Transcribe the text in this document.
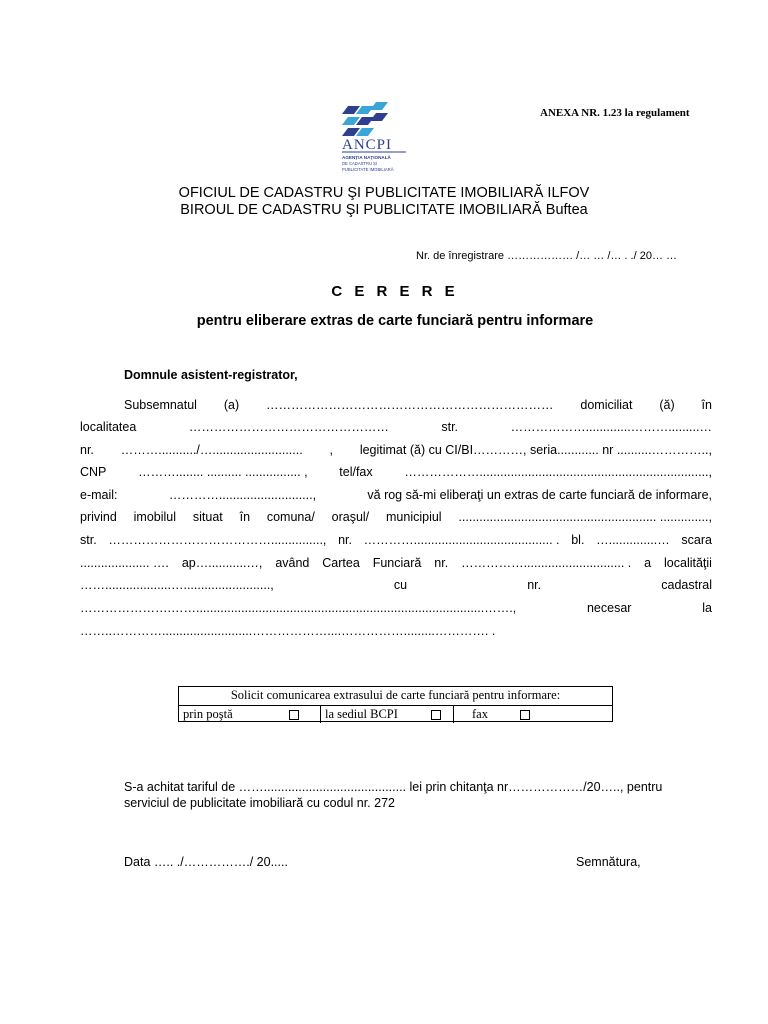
ANCPI
AGENȚIA NAȚIONALĂ
DE CADASTRU ȘI
PUBLICITATE IMOBILIARĂ
ANEXA NR. 1.23 la regulament
OFICIUL DE CADASTRU ŞI PUBLICITATE IMOBILIARĂ ILFOV
BIROUL DE CADASTRU ŞI PUBLICITATE IMOBILIARĂ Buftea
Nr. de înregistrare ……………… /… … /… . ./ 20… …
C E R E R E
pentru eliberare extras de carte funciară pentru informare
Domnule asistent-registrator,
Subsemnatul (a) …………………………………………………………… domiciliat (ă) în
localitatea	…………………………………………	str.	……………….............……….........…
nr. ……….........../….......................... , legitimat (ă) cu CI/BI…………, seria............ nr ..........…………..,
CNP	………........ .......... ................ ,	tel/fax	………………..................................................................,
e-mail:	…………...........................,	vă rog să-mi eliberaţi un extras de carte funciară de informare,
privind imobilul situat în comuna/ oraşul/ municipiul ......................................................... ..............,
str. …………………………………..............., nr. …………........................................ . bl. …..............… scara
.................... …. ap…...........…, având Cartea Funciară nr. ……………............................. . a localităţii
……...................….........................,	cu	nr.	cadastral
………………….……...................................................................................…….,	necesar	la
……..…………..........................………………....…………….........…………. .
Solicit comunicarea extrasului de carte funciară pentru informare:
prin poştă	la sediul BCPI	fax
S-a achitat tariful de ……......................................... lei prin chitanţa nr………………/20….., pentru
serviciul de publicitate imobiliară cu codul nr. 272
Data ….. ./……………./ 20.....	Semnătura,
